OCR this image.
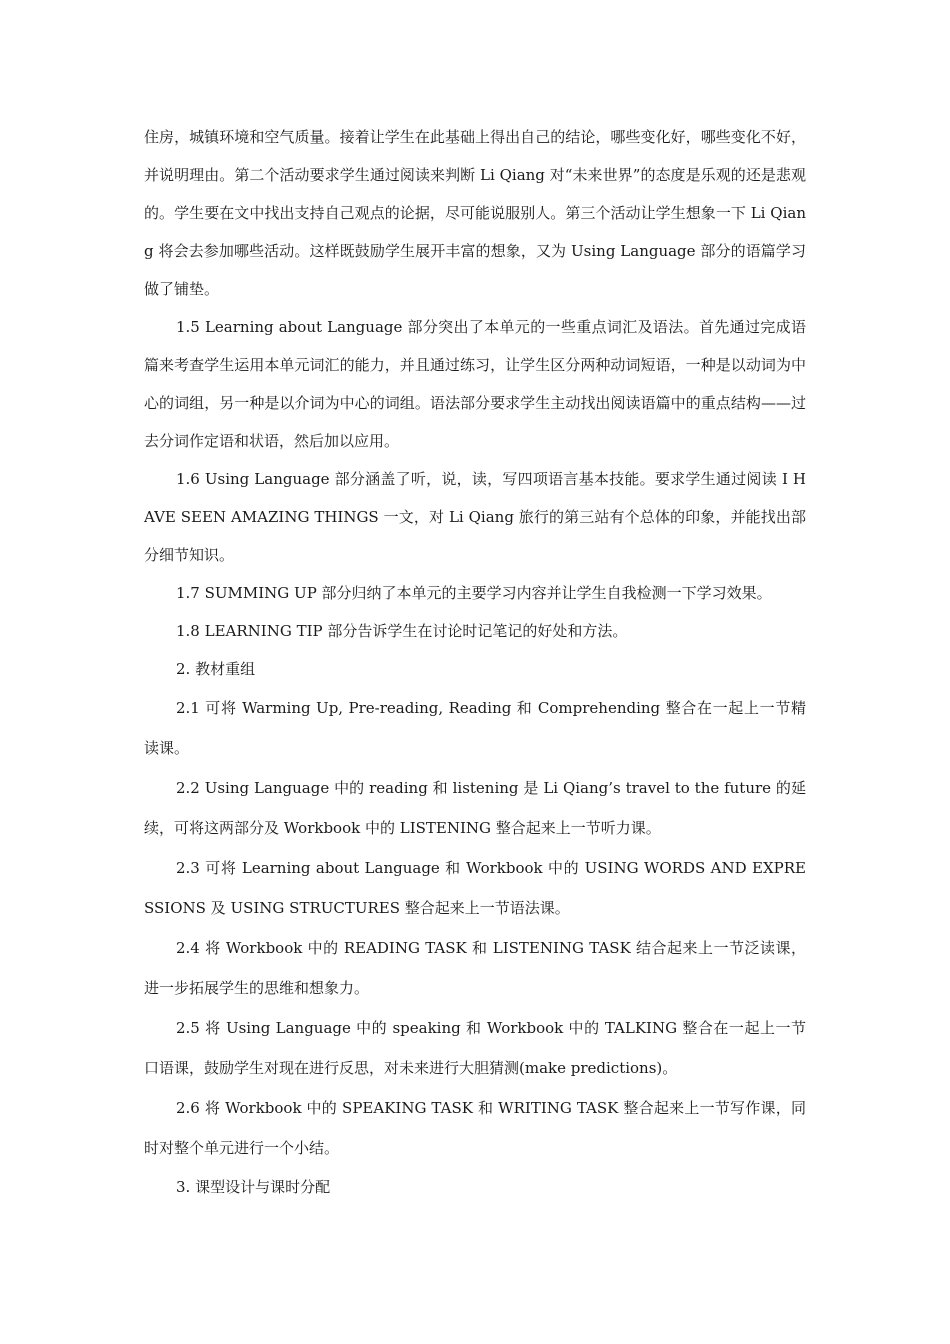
住房，城镇环境和空气质量。接着让学生在此基础上得出自己的结论，哪些变化好，哪些变化不好，并说明理由。第二个活动要求学生通过阅读来判断 Li Qiang 对“未来世界”的态度是乐观的还是悲观的。学生要在文中找出支持自己观点的论据，尽可能说服别人。第三个活动让学生想象一下 Li Qiang 将会去参加哪些活动。这样既鼓励学生展开丰富的想象，又为 Using Language 部分的语篇学习做了铺垫。

1.5 Learning about Language 部分突出了本单元的一些重点词汇及语法。首先通过完成语篇来考查学生运用本单元词汇的能力，并且通过练习，让学生区分两种动词短语，一种是以动词为中心的词组，另一种是以介词为中心的词组。语法部分要求学生主动找出阅读语篇中的重点结构——过去分词作定语和状语，然后加以应用。

1.6 Using Language 部分涵盖了听，说，读，写四项语言基本技能。要求学生通过阅读 I HAVE SEEN AMAZING THINGS 一文，对 Li Qiang 旅行的第三站有个总体的印象，并能找出部分细节知识。

1.7 SUMMING UP 部分归纳了本单元的主要学习内容并让学生自我检测一下学习效果。

1.8 LEARNING TIP 部分告诉学生在讨论时记笔记的好处和方法。

2. 教材重组

2.1 可将 Warming Up, Pre-reading, Reading 和 Comprehending 整合在一起上一节精读课。

2.2 Using Language 中的 reading 和 listening 是 Li Qiang’s travel to the future 的延续，可将这两部分及 Workbook 中的 LISTENING 整合起来上一节听力课。

2.3 可将 Learning about Language 和 Workbook 中的 USING WORDS AND EXPRESSIONS 及 USING STRUCTURES 整合起来上一节语法课。

2.4 将 Workbook 中的 READING TASK 和 LISTENING TASK 结合起来上一节泛读课，进一步拓展学生的思维和想象力。

2.5 将 Using Language 中的 speaking 和 Workbook 中的 TALKING 整合在一起上一节口语课，鼓励学生对现在进行反思，对未来进行大胆猜测(make predictions)。

2.6 将 Workbook 中的 SPEAKING TASK 和 WRITING TASK 整合起来上一节写作课，同时对整个单元进行一个小结。

3. 课型设计与课时分配
